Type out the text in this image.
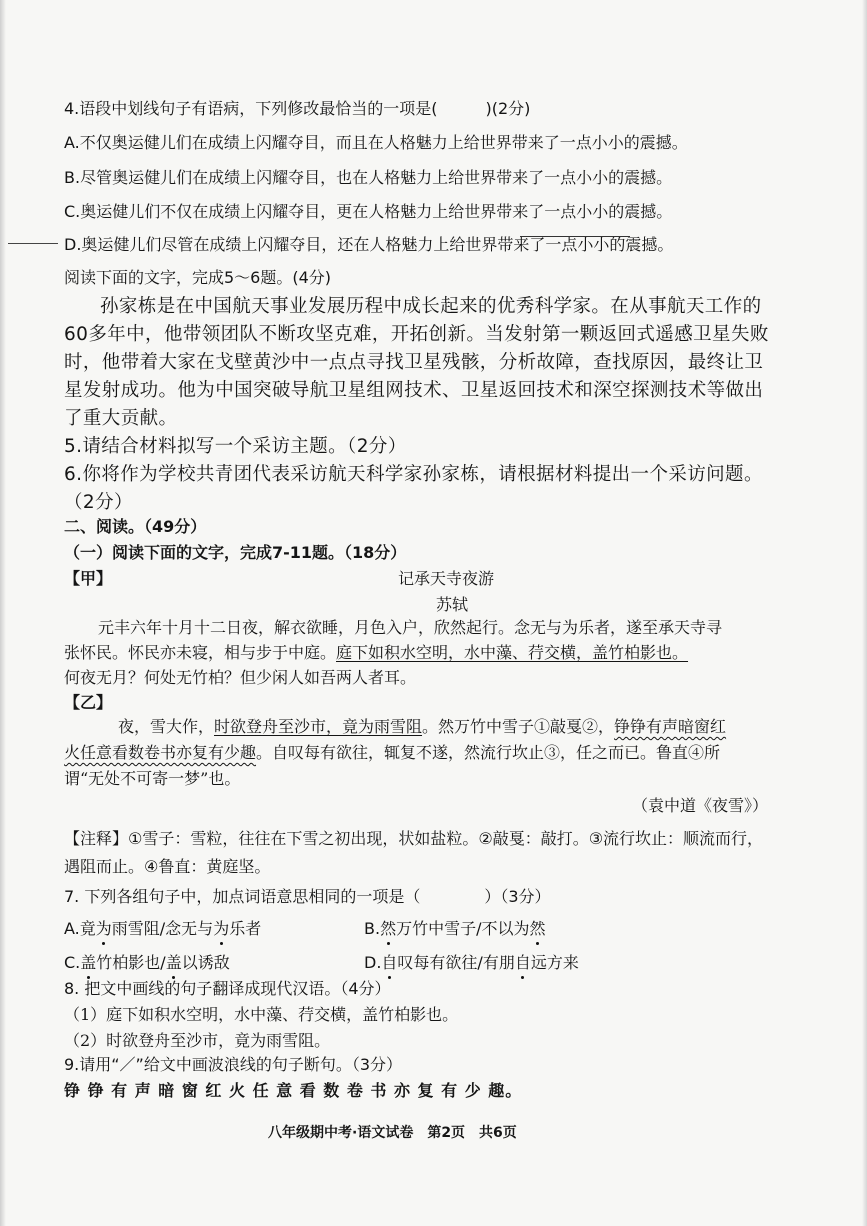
4.语段中划线句子有语病，下列修改最恰当的一项是(　　　)(2分)
A.不仅奥运健儿们在成绩上闪耀夺目，而且在人格魅力上给世界带来了一点小小的震撼。
B.尽管奥运健儿们在成绩上闪耀夺目，也在人格魅力上给世界带来了一点小小的震撼。
C.奥运健儿们不仅在成绩上闪耀夺目，更在人格魅力上给世界带来了一点小小的震撼。
D.奥运健儿们尽管在成绩上闪耀夺目，还在人格魅力上给世界带来了一点小小的震撼。
阅读下面的文字，完成5～6题。(4分)
孙家栋是在中国航天事业发展历程中成长起来的优秀科学家。在从事航天工作的
60多年中，他带领团队不断攻坚克难，开拓创新。当发射第一颗返回式遥感卫星失败
时，他带着大家在戈壁黄沙中一点点寻找卫星残骸，分析故障，查找原因，最终让卫
星发射成功。他为中国突破导航卫星组网技术、卫星返回技术和深空探测技术等做出
了重大贡献。
5.请结合材料拟写一个采访主题。（2分）
6.你将作为学校共青团代表采访航天科学家孙家栋，请根据材料提出一个采访问题。
（2分）
二、阅读。（49分）
（一）阅读下面的文字，完成7-11题。（18分）
【甲】	记承天寺夜游
苏轼
元丰六年十月十二日夜，解衣欲睡，月色入户，欣然起行。念无与为乐者，遂至承天寺寻
张怀民。怀民亦未寝，相与步于中庭。庭下如积水空明，水中藻、荇交横，盖竹柏影也。
何夜无月？何处无竹柏？但少闲人如吾两人者耳。
【乙】
夜，雪大作，时欲登舟至沙市，竟为雨雪阻。然万竹中雪子①敲戛②，铮铮有声暗窗红
火任意看数卷书亦复有少趣。自叹每有欲往，辄复不遂，然流行坎止③，任之而已。鲁直④所
谓“无处不可寄一梦”也。
（袁中道《夜雪》）
【注释】①雪子：雪粒，往往在下雪之初出现，状如盐粒。②敲戛：敲打。③流行坎止：顺流而行，
遇阻而止。④鲁直：黄庭坚。
7. 下列各组句子中，加点词语意思相同的一项是（　　　　）（3分）
A.竟为雨雪阻/念无与为乐者	B.然万竹中雪子/不以为然
C.盖竹柏影也/盖以诱敌	D.自叹每有欲往/有朋自远方来
8. 把文中画线的句子翻译成现代汉语。（4分）
（1）庭下如积水空明，水中藻、荇交横，盖竹柏影也。
（2）时欲登舟至沙市，竟为雨雪阻。
9.请用“／”给文中画波浪线的句子断句。（3分）
铮 铮 有 声 暗 窗 红 火 任 意 看 数 卷 书 亦 复 有 少 趣。
八年级期中考·语文试卷　第2页　共6页
